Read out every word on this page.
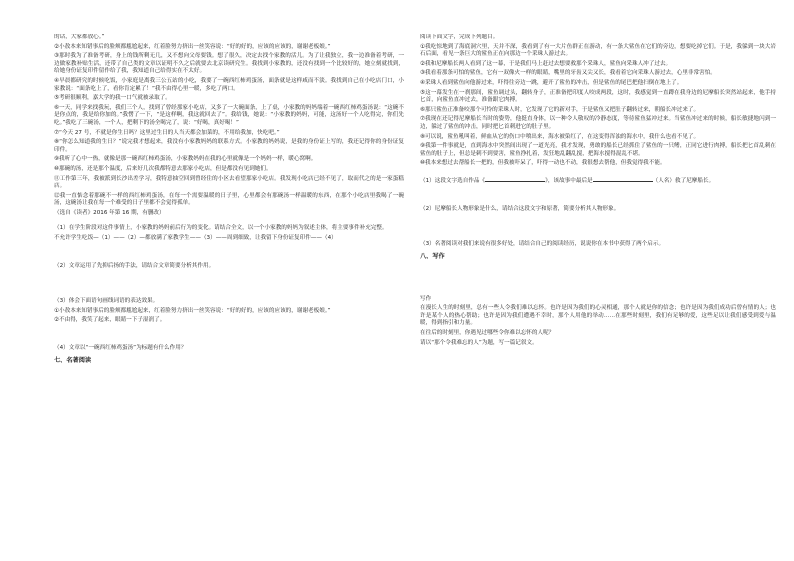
的话，大家都放心。”

②小敖本来知错事后的脸颊都尴尬起来，红着脸努力挤出一丝笑容说：“好的好的，应该的应该的，谢谢老板娘。”

③那时我为了准备考研，身上的钱所剩无几，又不想向父母要钱。想了很久，决定去找个家教的活儿。为了让我独立，我一边准备着考研，一边做家教补贴生活，还带了自己类的文章以证明不久之后就要去北京读研究生。我找到小家教的，还没有找到一个比较好的，她立刻就找到，给她身份证复印件留作给了我，我知道自己给得实在不太好。

④早晨都研究的时候吃饭，小家庭是离我三公五站的小吃，我要了一碗西红柿鸡蛋汤，面条就是这样咸而不淡。我找到自己在小吃店门口，小家教说：“面条吃上了，看你肯定累了！”我不由得心里一暖，多吃了两口。

⑤考研很顺利，嘉大学的我一口气就被录取了。

⑥一天，同学来找我玩，我们三个人，找到了曾经那家小吃店，又多了一大碗面条，上了桌，小家教的妈妈端着一碗西红柿鸡蛋汤说：“这碗不是你点的，我是给你加的。”我愣了一下，“是这样啊，我这就回去了”。我给钱，她说：“小家教的妈妈，可能，这汤好一个人吃得完，你们先吃。”我吃了三碗汤，一个人，把剩下的汤全喝完了，说：“好喝，真好喝！”

⑦“今天 27 号，不就是你生日吗？这里过生日的人当天都会加菜的，不用给我加，快吃吧。”

⑧“你怎么知道我的生日？”说完我才想起来，我没有小家教妈妈的联系方式。小家教的妈妈说，是我的身份证上写的，我还记得你的身份证复印件。

⑨我听了心中一热，就像是那一碗西红柿鸡蛋汤，小家教妈妈在我的心里就像是一个妈妈一样，暖心窝啊。

⑩那碗的汤，还是那个温度，后来好几次我都特意去那家小吃店，但是都没有见到她们。

⑪工作第三年，我被派到长沙出差学习，我特意抽空回到曾经住的小区去看望那家小吃店。我发现小吃店已经不见了，取而代之的是一家蛋糕店。

⑫我一直惦念着那碗不一样的西红柿鸡蛋汤，在每一个需要温暖的日子里，心里都会有那碗汤一样温暖的东西，在那个小吃店里我喝了一碗汤，这碗汤让我在每一个难受的日子里都不会觉得孤单。

（选自《读者》2016 年第 16 期，有删改）

（1）在学生阶段对这件事情上，小家教的妈妈前后行为的变化。请结合全文，以一个小家教的妈妈为叙述主体，将主要事件补充完整。

不允许学生吃饭—（1）——（2）—都放满了家教学生——（3）——周到细致，让我留下身份证复印件——（4）

（2）文章运用了先抑后扬的手法，请结合文章简要分析其作用。

（3）体会下面语句画线词语的表达效果。

①小敖本来知错事后的脸颊都尴尬起来，红着脸努力挤出一丝笑容说：“好的好的，应该的应该的，谢谢老板娘。”

②不由得，我笑了起来，眼睛一下子湿润了。

（4）文章以“一碗西红柿鸡蛋汤”为标题有什么作用？

七、名著阅读

阅读下面文字，完成下列题目。

①我吃惊地到了海底洞穴里，天并不深，我看到了有一大片鱼群正在游动，有一条大鲨鱼在它们的旁边，想要吃掉它们。于是，我躲到一块大岩石后面，看见一条巨大的鲨鱼正在向那边一个采珠人游过去。

②我和尼摩船长两人看到了这一幕，于是我们马上赶过去想要救那个采珠人，鲨鱼向采珠人冲了过去。

③我看着那条可怕的鲨鱼，它有一双像火一样的眼睛，嘴里的牙齿又尖又长，我看着它向采珠人游过去，心里非常害怕。

④采珠人看到鲨鱼向他游过来，吓得往旁边一跳，避开了鲨鱼的冲击，但是鲨鱼的尾巴把他扫倒在地上了。

⑤这一幕发生在一刹那间，鲨鱼调过头，翻转身子，正准备把印度人咬成两段，这时，我感觉到一直蹲在我身边的尼摩船长突然站起来，他手持匕首，向鲨鱼直冲过去，准备跟它肉搏。

⑥那只鲨鱼正准备咬那个可怜的采珠人时，它发现了它的新对手，于是鲨鱼又把肚子翻转过来，朝船长冲过来了。

⑦我现在还记得尼摩船长当时的姿势，他挺直身体，以一种令人敬叹的冷静态度，等待鲨鱼猛冲过来。当鲨鱼冲过来的时候，船长敏捷地闪到一边，躲过了鲨鱼的冲击，同时把匕首刺进它的肚子里。

⑧可以说，鲨鱼吼叫着，鲜血从它的伤口中喷出来，海水被染红了，在这变得浑浊的海水中，我什么也看不见了。

⑨我第一件事就是，直到海水中突然间出现了一道光亮，我才发现，勇敢的船长已经抓住了鲨鱼的一只鳍，正同它进行肉搏，船长把匕首乱刺在鲨鱼的肚子上，但总是刺不到要害，鲨鱼挣扎着，发狂地乱翻乱搅，把海水搅得混乱不堪。

⑩我本来想过去帮船长一把的，但我被吓呆了，吓得一动也不动，我很想去帮他，但我觉得我不能。

（1）这段文字选自作品《	》，该故事中最后是	（人名）救了尼摩船长。

（2）尼摩船长人物形象是什么，请结合这段文字和原著，简要分析其人物形象。

（3）名著阅读对我们来说有很多好处，请结合自己的阅读经历，说说你在本书中获得了两个启示。

八、写作

写作

在漫长人生的时刻里，总有一些人令我们难以忘怀。也许是因为我们的心灵相通，那个人就是你的信念；也许是因为我们成功后曾有情的人；也许是某个人的热心帮助；也许是因为我们遭遇不幸时，那个人用他的举动……在那些时刻里，我们有足够的爱，这些足以让我们感受到爱与温暖，得到指引和力量。

在往后的时刻里，你遇见过哪些令你难以忘怀的人呢？

请以“那个令我难忘的人”为题，写一篇记叙文。
